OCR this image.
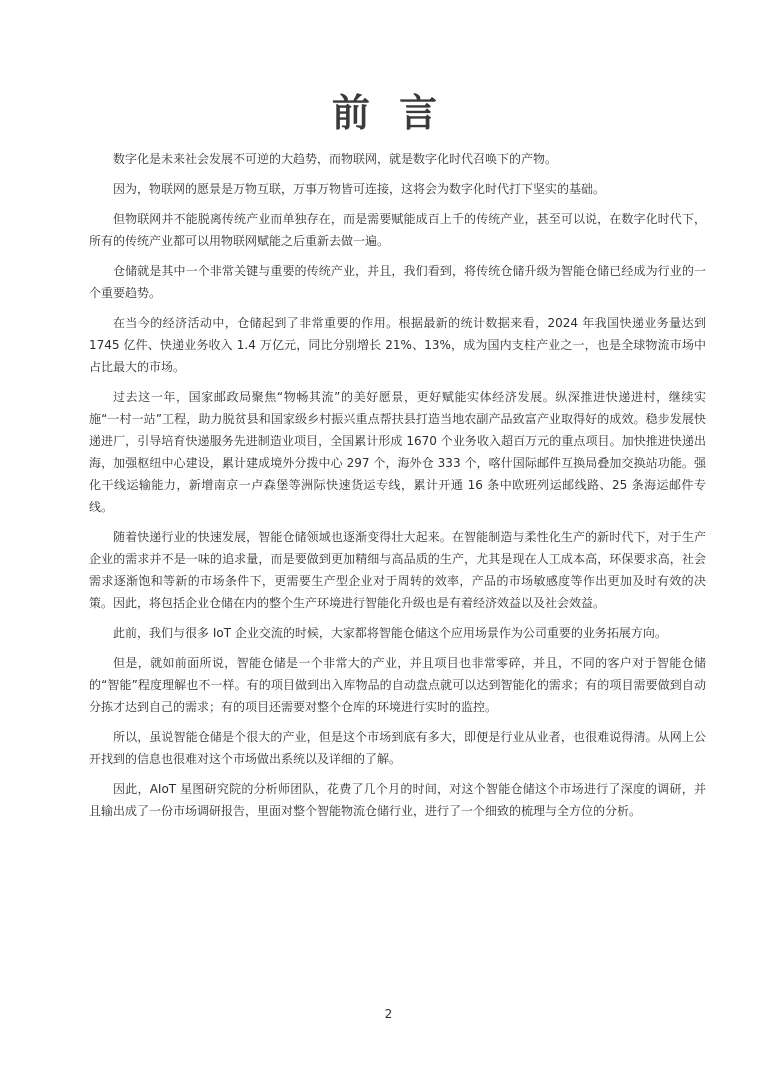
前 言

数字化是未来社会发展不可逆的大趋势，而物联网，就是数字化时代召唤下的产物。

因为，物联网的愿景是万物互联，万事万物皆可连接，这将会为数字化时代打下坚实的基础。

但物联网并不能脱离传统产业而单独存在，而是需要赋能成百上千的传统产业，甚至可以说，在数字化时代下，所有的传统产业都可以用物联网赋能之后重新去做一遍。

仓储就是其中一个非常关键与重要的传统产业，并且，我们看到，将传统仓储升级为智能仓储已经成为行业的一个重要趋势。

在当今的经济活动中，仓储起到了非常重要的作用。根据最新的统计数据来看，2024 年我国快递业务量达到 1745 亿件、快递业务收入 1.4 万亿元，同比分别增长 21%、13%，成为国内支柱产业之一，也是全球物流市场中占比最大的市场。

过去这一年，国家邮政局聚焦“物畅其流”的美好愿景，更好赋能实体经济发展。纵深推进快递进村，继续实施“一村一站”工程，助力脱贫县和国家级乡村振兴重点帮扶县打造当地农副产品致富产业取得好的成效。稳步发展快递进厂，引导培育快递服务先进制造业项目，全国累计形成 1670 个业务收入超百万元的重点项目。加快推进快递出海，加强枢纽中心建设，累计建成境外分拨中心 297 个，海外仓 333 个，喀什国际邮件互换局叠加交换站功能。强化干线运输能力，新增南京一卢森堡等洲际快速货运专线，累计开通 16 条中欧班列运邮线路、25 条海运邮件专线。

随着快递行业的快速发展，智能仓储领域也逐渐变得壮大起来。在智能制造与柔性化生产的新时代下，对于生产企业的需求并不是一味的追求量，而是要做到更加精细与高品质的生产，尤其是现在人工成本高，环保要求高，社会需求逐渐饱和等新的市场条件下，更需要生产型企业对于周转的效率，产品的市场敏感度等作出更加及时有效的决策。因此，将包括企业仓储在内的整个生产环境进行智能化升级也是有着经济效益以及社会效益。

此前，我们与很多 IoT 企业交流的时候，大家都将智能仓储这个应用场景作为公司重要的业务拓展方向。

但是，就如前面所说，智能仓储是一个非常大的产业，并且项目也非常零碎，并且，不同的客户对于智能仓储的“智能”程度理解也不一样。有的项目做到出入库物品的自动盘点就可以达到智能化的需求；有的项目需要做到自动分拣才达到自己的需求；有的项目还需要对整个仓库的环境进行实时的监控。

所以，虽说智能仓储是个很大的产业，但是这个市场到底有多大，即便是行业从业者，也很难说得清。从网上公开找到的信息也很难对这个市场做出系统以及详细的了解。

因此，AIoT 星图研究院的分析师团队，花费了几个月的时间，对这个智能仓储这个市场进行了深度的调研，并且输出成了一份市场调研报告，里面对整个智能物流仓储行业，进行了一个细致的梳理与全方位的分析。

2
